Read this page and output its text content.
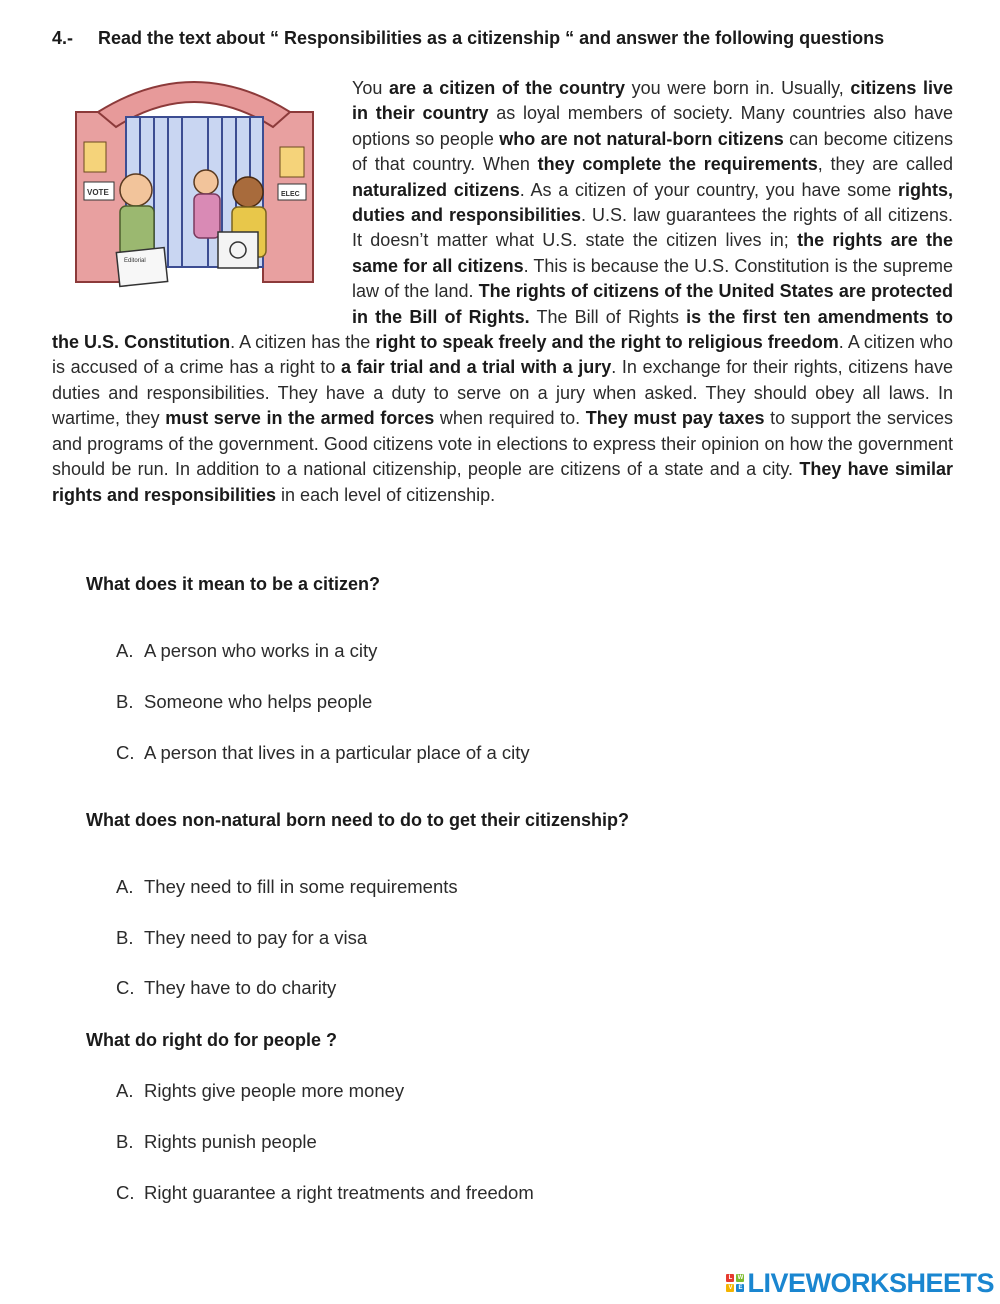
4.- Read the text about “ Responsibilities as a citizenship “ and answer the following questions
VOTE	ELEC
Editorial
You are a citizen of the country you were born in. Usually, citizens live in their country as loyal members of society. Many countries also have options so people who are not natural-born citizens can become citizens of that country. When they complete the requirements, they are called naturalized citizens. As a citizen of your country, you have some rights, duties and responsibilities. U.S. law guarantees the rights of all citizens. It doesn’t matter what U.S. state the citizen lives in; the rights are the same for all citizens. This is because the U.S. Constitution is the supreme law of the land. The rights of citizens of the United States are protected in the Bill of Rights. The Bill of Rights is the first ten amendments to the U.S. Constitution. A citizen has the right to speak freely and the right to religious freedom. A citizen who is accused of a crime has a right to a fair trial and a trial with a jury. In exchange for their rights, citizens have duties and responsibilities. They have a duty to serve on a jury when asked. They should obey all laws. In wartime, they must serve in the armed forces when required to. They must pay taxes to support the services and programs of the government. Good citizens vote in elections to express their opinion on how the government should be run. In addition to a national citizenship, people are citizens of a state and a city. They have similar rights and responsibilities in each level of citizenship.
What does it mean to be a citizen?
A. A person who works in a city
B. Someone who helps people
C. A person that lives in a particular place of a city
What does non-natural born need to do to get their citizenship?
A. They need to fill in some requirements
B. They need to pay for a visa
C. They have to do charity
What do right do for people ?
A. Rights give people more money
B. Rights punish people
C. Right guarantee a right treatments and freedom
L W
V E LIVEWORKSHEETS
